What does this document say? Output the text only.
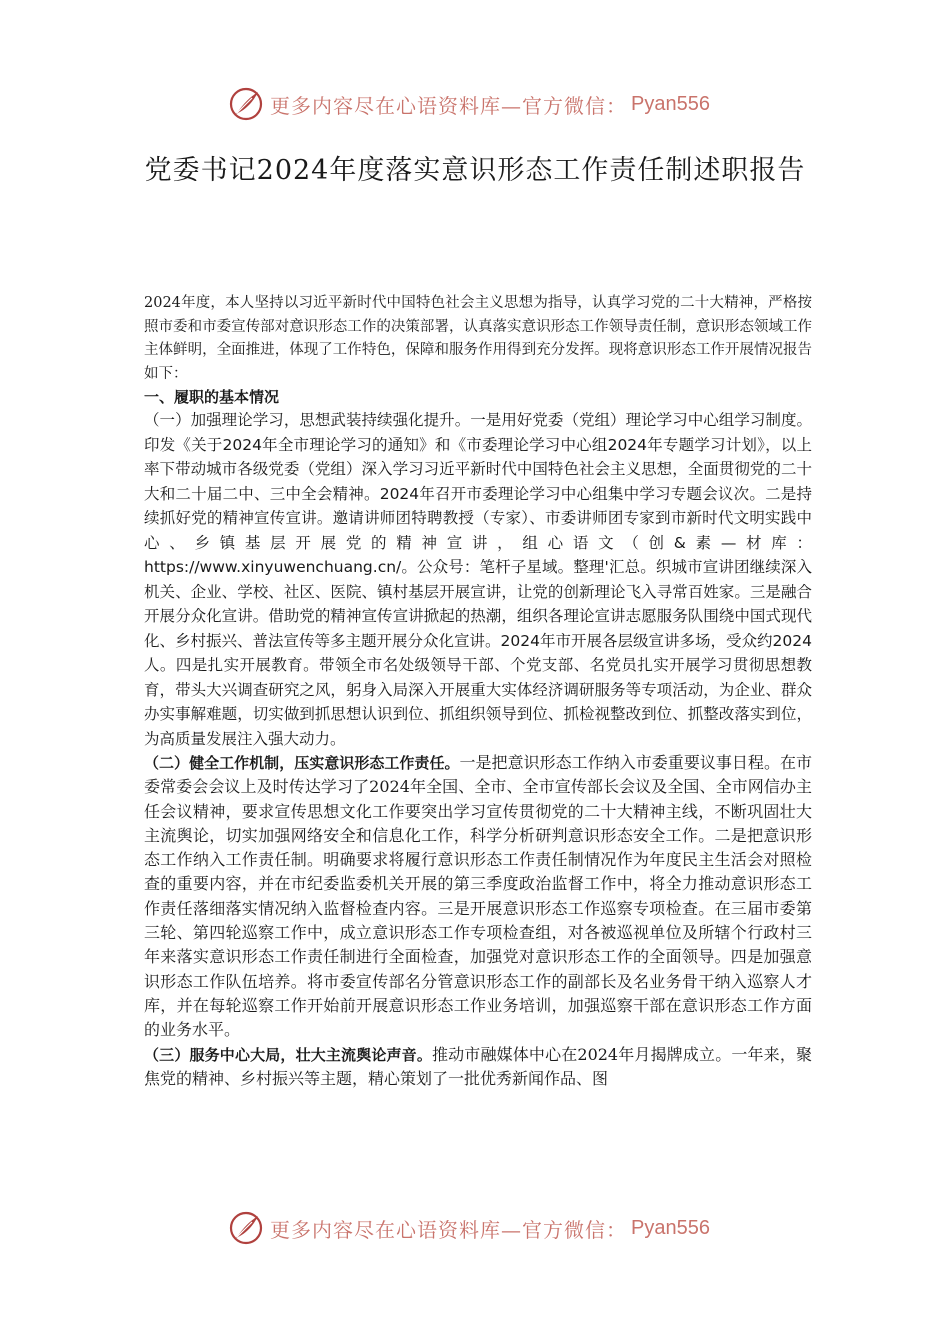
更多内容尽在心语资料库—官方微信： Pyan556
党委书记2024年度落实意识形态工作责任制述职报告

2024年度，本人坚持以习近平新时代中国特色社会主义思想为指导，认真学习党的二十大精神，严格按照市委和市委宣传部对意识形态工作的决策部署，认真落实意识形态工作领导责任制，意识形态领域工作主体鲜明，全面推进，体现了工作特色，保障和服务作用得到充分发挥。现将意识形态工作开展情况报告如下：

一、履职的基本情况

（一）加强理论学习，思想武装持续强化提升。一是用好党委（党组）理论学习中心组学习制度。印发《关于2024年全市理论学习的通知》和《市委理论学习中心组2024年专题学习计划》，以上率下带动城市各级党委（党组）深入学习习近平新时代中国特色社会主义思想，全面贯彻党的二十大和二十届二中、三中全会精神。2024年召开市委理论学习中心组集中学习专题会议次。二是持续抓好党的精神宣传宣讲。邀请讲师团特聘教授（专家）、市委讲师团专家到市新时代文明实践中心、乡镇基层开展党的精神宣讲，组心语文（创&素—材库：https://www.xinyuwenchuang.cn/。公众号：笔杆子星域。整理'汇总。织城市宣讲团继续深入机关、企业、学校、社区、医院、镇村基层开展宣讲，让党的创新理论飞入寻常百姓家。三是融合开展分众化宣讲。借助党的精神宣传宣讲掀起的热潮，组织各理论宣讲志愿服务队围绕中国式现代化、乡村振兴、普法宣传等多主题开展分众化宣讲。2024年市开展各层级宣讲多场，受众约2024人。四是扎实开展教育。带领全市名处级领导干部、个党支部、名党员扎实开展学习贯彻思想教育，带头大兴调查研究之风，躬身入局深入开展重大实体经济调研服务等专项活动，为企业、群众办实事解难题，切实做到抓思想认识到位、抓组织领导到位、抓检视整改到位、抓整改落实到位，为高质量发展注入强大动力。

（二）健全工作机制，压实意识形态工作责任。一是把意识形态工作纳入市委重要议事日程。在市委常委会会议上及时传达学习了2024年全国、全市、全市宣传部长会议及全国、全市网信办主任会议精神，要求宣传思想文化工作要突出学习宣传贯彻党的二十大精神主线，不断巩固壮大主流舆论，切实加强网络安全和信息化工作，科学分析研判意识形态安全工作。二是把意识形态工作纳入工作责任制。明确要求将履行意识形态工作责任制情况作为年度民主生活会对照检查的重要内容，并在市纪委监委机关开展的第三季度政治监督工作中，将全力推动意识形态工作责任落细落实情况纳入监督检查内容。三是开展意识形态工作巡察专项检查。在三届市委第三轮、第四轮巡察工作中，成立意识形态工作专项检查组，对各被巡视单位及所辖个行政村三年来落实意识形态工作责任制进行全面检查，加强党对意识形态工作的全面领导。四是加强意识形态工作队伍培养。将市委宣传部名分管意识形态工作的副部长及名业务骨干纳入巡察人才库，并在每轮巡察工作开始前开展意识形态工作业务培训，加强巡察干部在意识形态工作方面的业务水平。

（三）服务中心大局，壮大主流舆论声音。推动市融媒体中心在2024年月揭牌成立。一年来，聚焦党的精神、乡村振兴等主题，精心策划了一批优秀新闻作品、图

更多内容尽在心语资料库—官方微信： Pyan556
